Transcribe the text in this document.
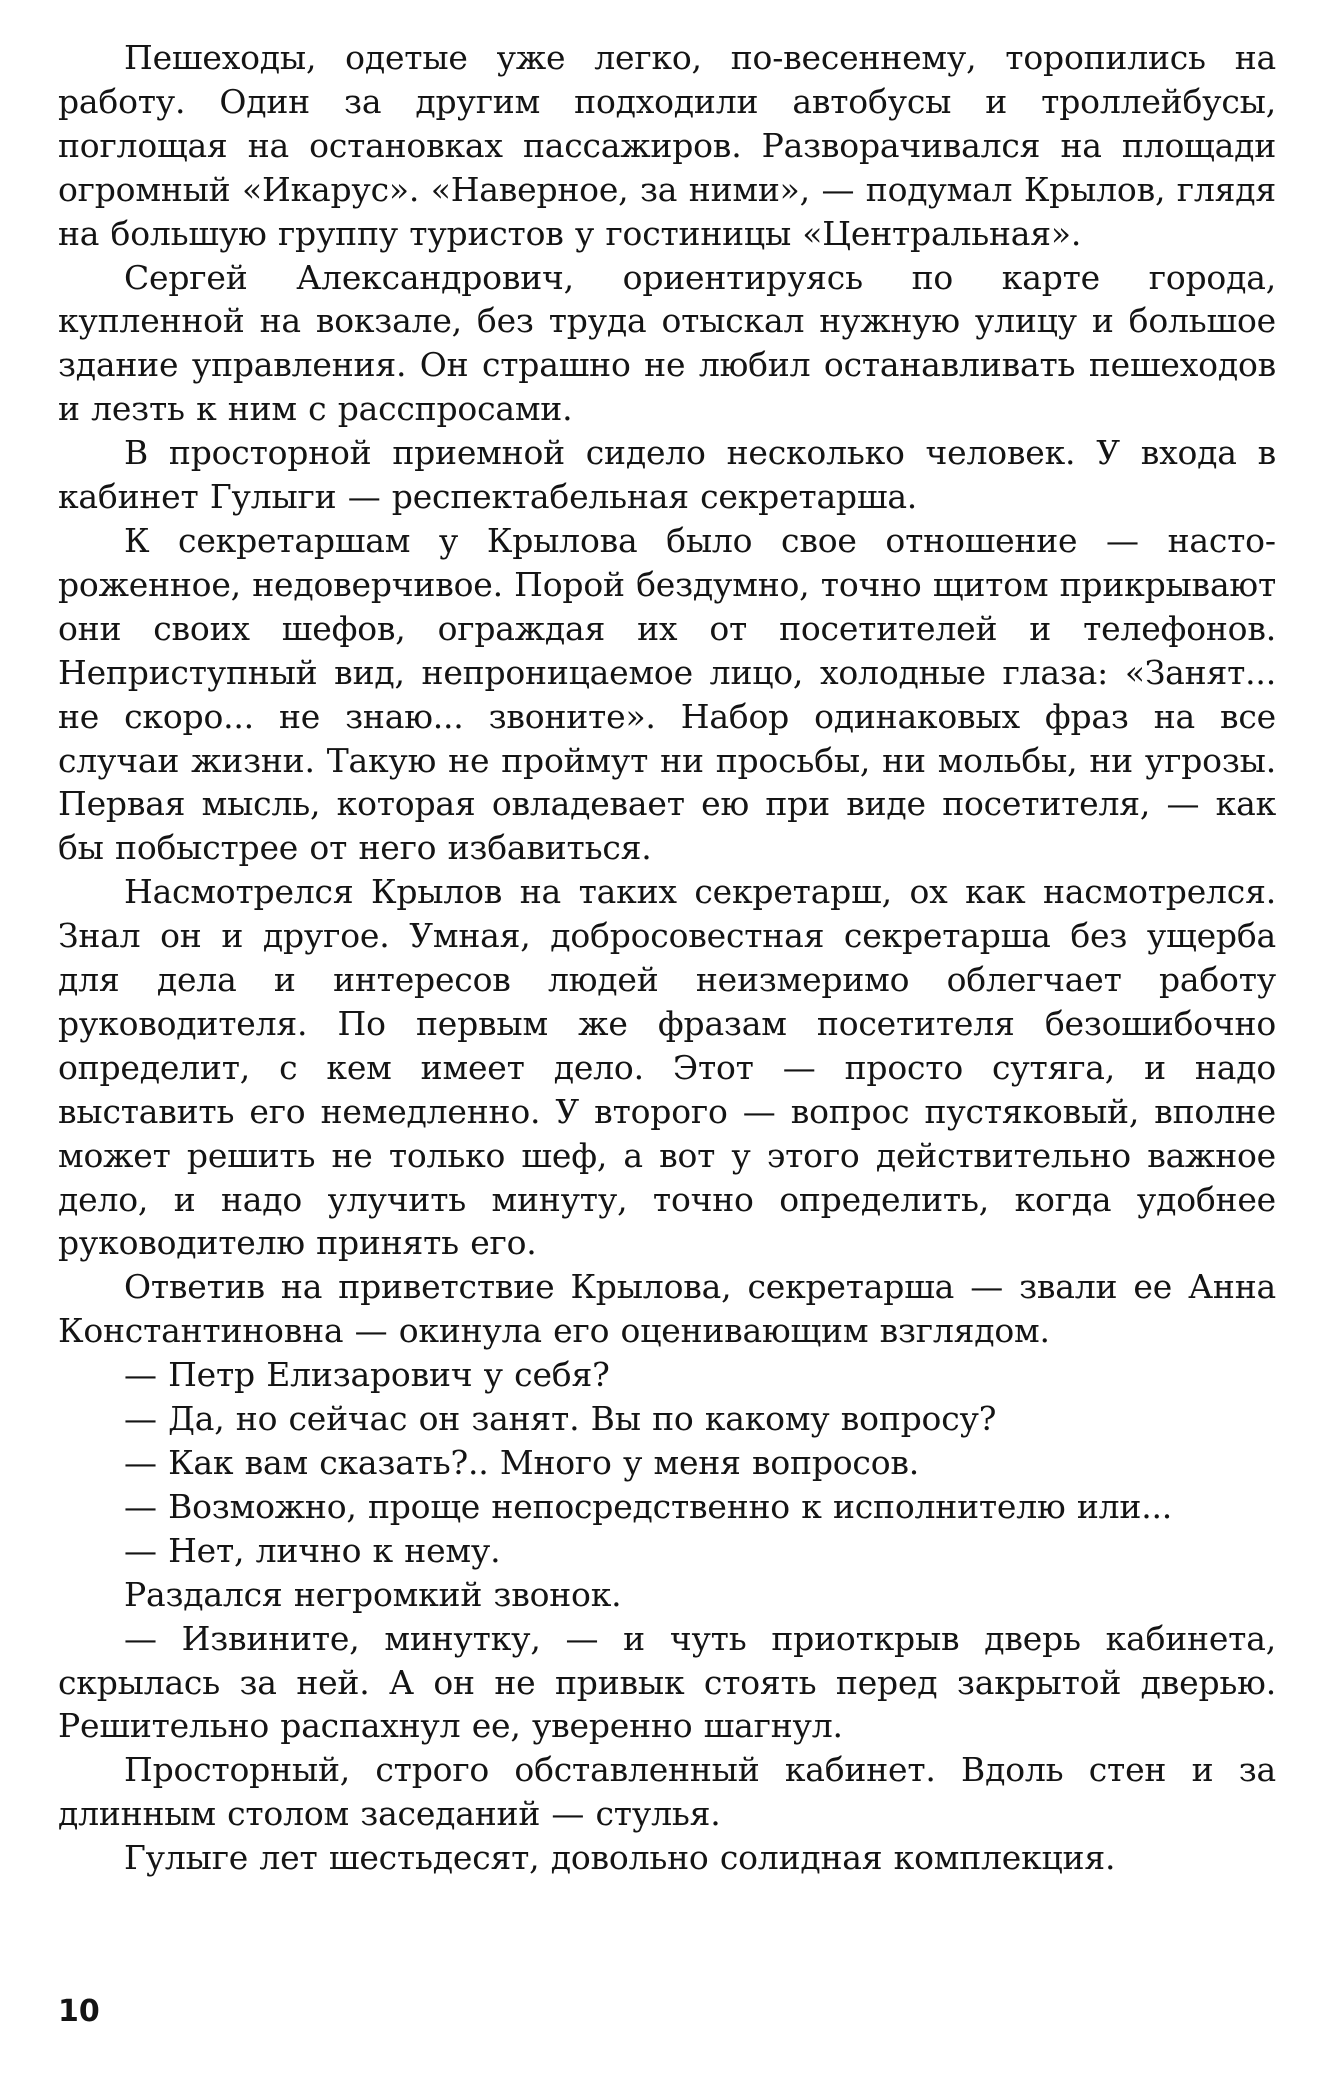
Пешеходы, одетые уже легко, по-весеннему, торопились на работу. Один за другим подходили автобусы и троллейбусы, поглощая на остановках пассажиров. Разворачивался на площади огромный «Икарус». «Наверное, за ними», — подумал Крылов, глядя на большую группу туристов у гостиницы «Центральная».

Сергей Александрович, ориентируясь по карте города, купленной на вокзале, без труда отыскал нужную улицу и большое здание управления. Он страшно не любил останавливать пешеходов и лезть к ним с расспросами.

В просторной приемной сидело несколько человек. У входа в кабинет Гулыги — респектабельная секретарша.

К секретаршам у Крылова было свое отношение — настороженное, недоверчивое. Порой бездумно, точно щитом прикрывают они своих шефов, ограждая их от посетителей и телефонов. Неприступный вид, непроницаемое лицо, холодные глаза: «Занят... не скоро... не знаю... звоните». Набор одинаковых фраз на все случаи жизни. Такую не проймут ни просьбы, ни мольбы, ни угрозы. Первая мысль, которая овладевает ею при виде посетителя, — как бы побыстрее от него избавиться.

Насмотрелся Крылов на таких секретарш, ох как насмотрелся. Знал он и другое. Умная, добросовестная секретарша без ущерба для дела и интересов людей неизмеримо облегчает работу руководителя. По первым же фразам посетителя безошибочно определит, с кем имеет дело. Этот — просто сутяга, и надо выставить его немедленно. У второго — вопрос пустяковый, вполне может решить не только шеф, а вот у этого действительно важное дело, и надо улучить минуту, точно определить, когда удобнее руководителю принять его.

Ответив на приветствие Крылова, секретарша — звали ее Анна Константиновна — окинула его оценивающим взглядом.

— Петр Елизарович у себя?

— Да, но сейчас он занят. Вы по какому вопросу?

— Как вам сказать?.. Много у меня вопросов.

— Возможно, проще непосредственно к исполнителю или...

— Нет, лично к нему.

Раздался негромкий звонок.

— Извините, минутку, — и чуть приоткрыв дверь кабинета, скрылась за ней. А он не привык стоять перед закрытой дверью. Решительно распахнул ее, уверенно шагнул.

Просторный, строго обставленный кабинет. Вдоль стен и за длинным столом заседаний — стулья.

Гулыге лет шестьдесят, довольно солидная комплекция.

10
